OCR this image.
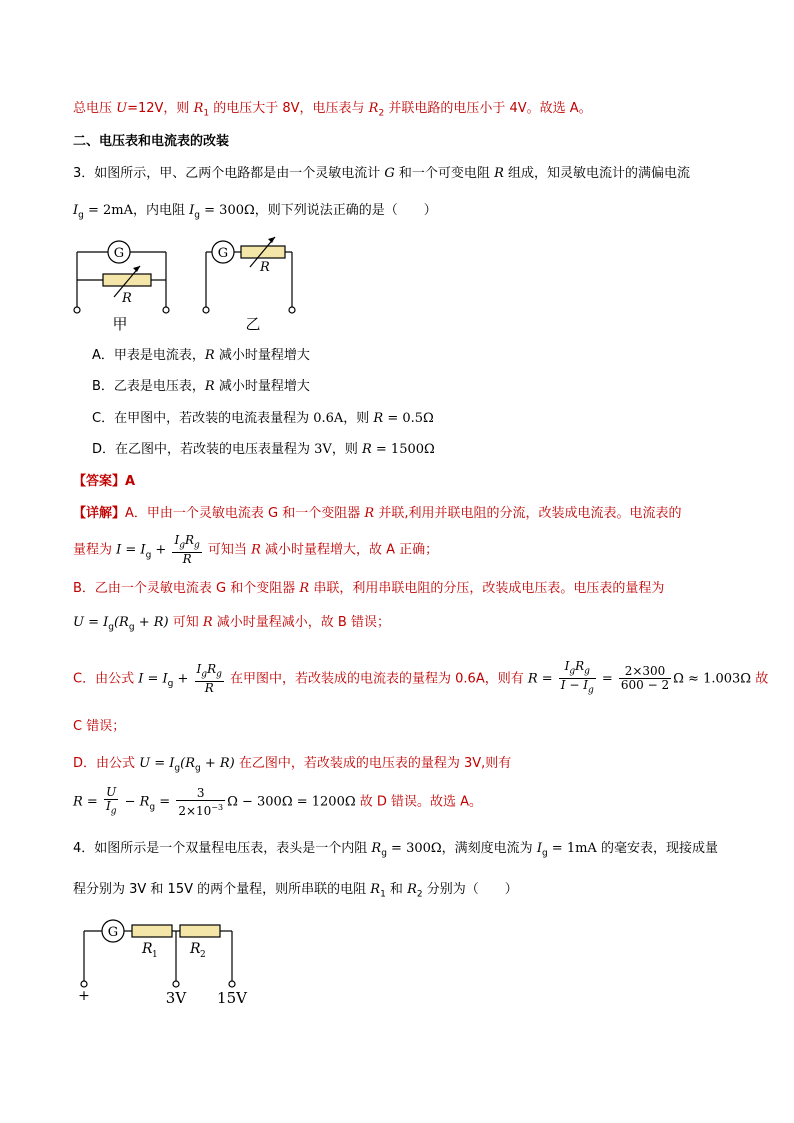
总电压 U=12V，则 $R_1$ 的电压大于 8V，电压表与 $R_2$ 并联电路的电压小于 4V。故选 A。
二、电压表和电流表的改装
3．如图所示，甲、乙两个电路都是由一个灵敏电流计 G 和一个可变电阻 R 组成，知灵敏电流计的满偏电流
$I_g = 2mA$，内电阻 $I_g = 300\Omega$，则下列说法正确的是（　　）
G
R
G
R
甲	乙
A．甲表是电流表，R 减小时量程增大
B．乙表是电压表，R 减小时量程增大
C．在甲图中，若改装的电流表量程为 0.6A，则 R = 0.5Ω
D．在乙图中，若改装的电压表量程为 3V，则 R = 1500Ω
【答案】A
【详解】A．甲由一个灵敏电流表 G 和一个变阻器 R 并联,利用并联电阻的分流，改装成电流表。电流表的
量程为 $I = I_g + \frac{I_gR_g}{R}$ 可知当 R 减小时量程增大，故 A 正确；
B．乙由一个灵敏电流表 G 和个变阻器 R 串联，利用串联电阻的分压，改装成电压表。电压表的量程为
$U = I_g(R_g + R)$ 可知 R 减小时量程减小，故 B 错误；
C．由公式 $I = I_g + \frac{I_gR_g}{R}$ 在甲图中，若改装成的电流表的量程为 0.6A，则有 $R = \frac{I_gR_g}{I - I_g} = \frac{2\times 300}{600 - 2}$ Ω ≈ 1.003Ω 故
C 错误；
D．由公式 $U = I_g(R_g + R)$ 在乙图中，若改装成的电压表的量程为 3V,则有
$R = \frac{U}{I_g} - R_g = \frac{3}{2\times 10^{-3}}$ Ω − 300Ω = 1200Ω 故 D 错误。故选 A。
4．如图所示是一个双量程电压表，表头是一个内阻 $R_g = 300\Omega$，满刻度电流为 $I_g = 1mA$ 的毫安表，现接成量
程分别为 3V 和 15V 的两个量程，则所串联的电阻 $R_1$ 和 $R_2$ 分别为（　　）
G
R 1 R 2
+	3V 15V
